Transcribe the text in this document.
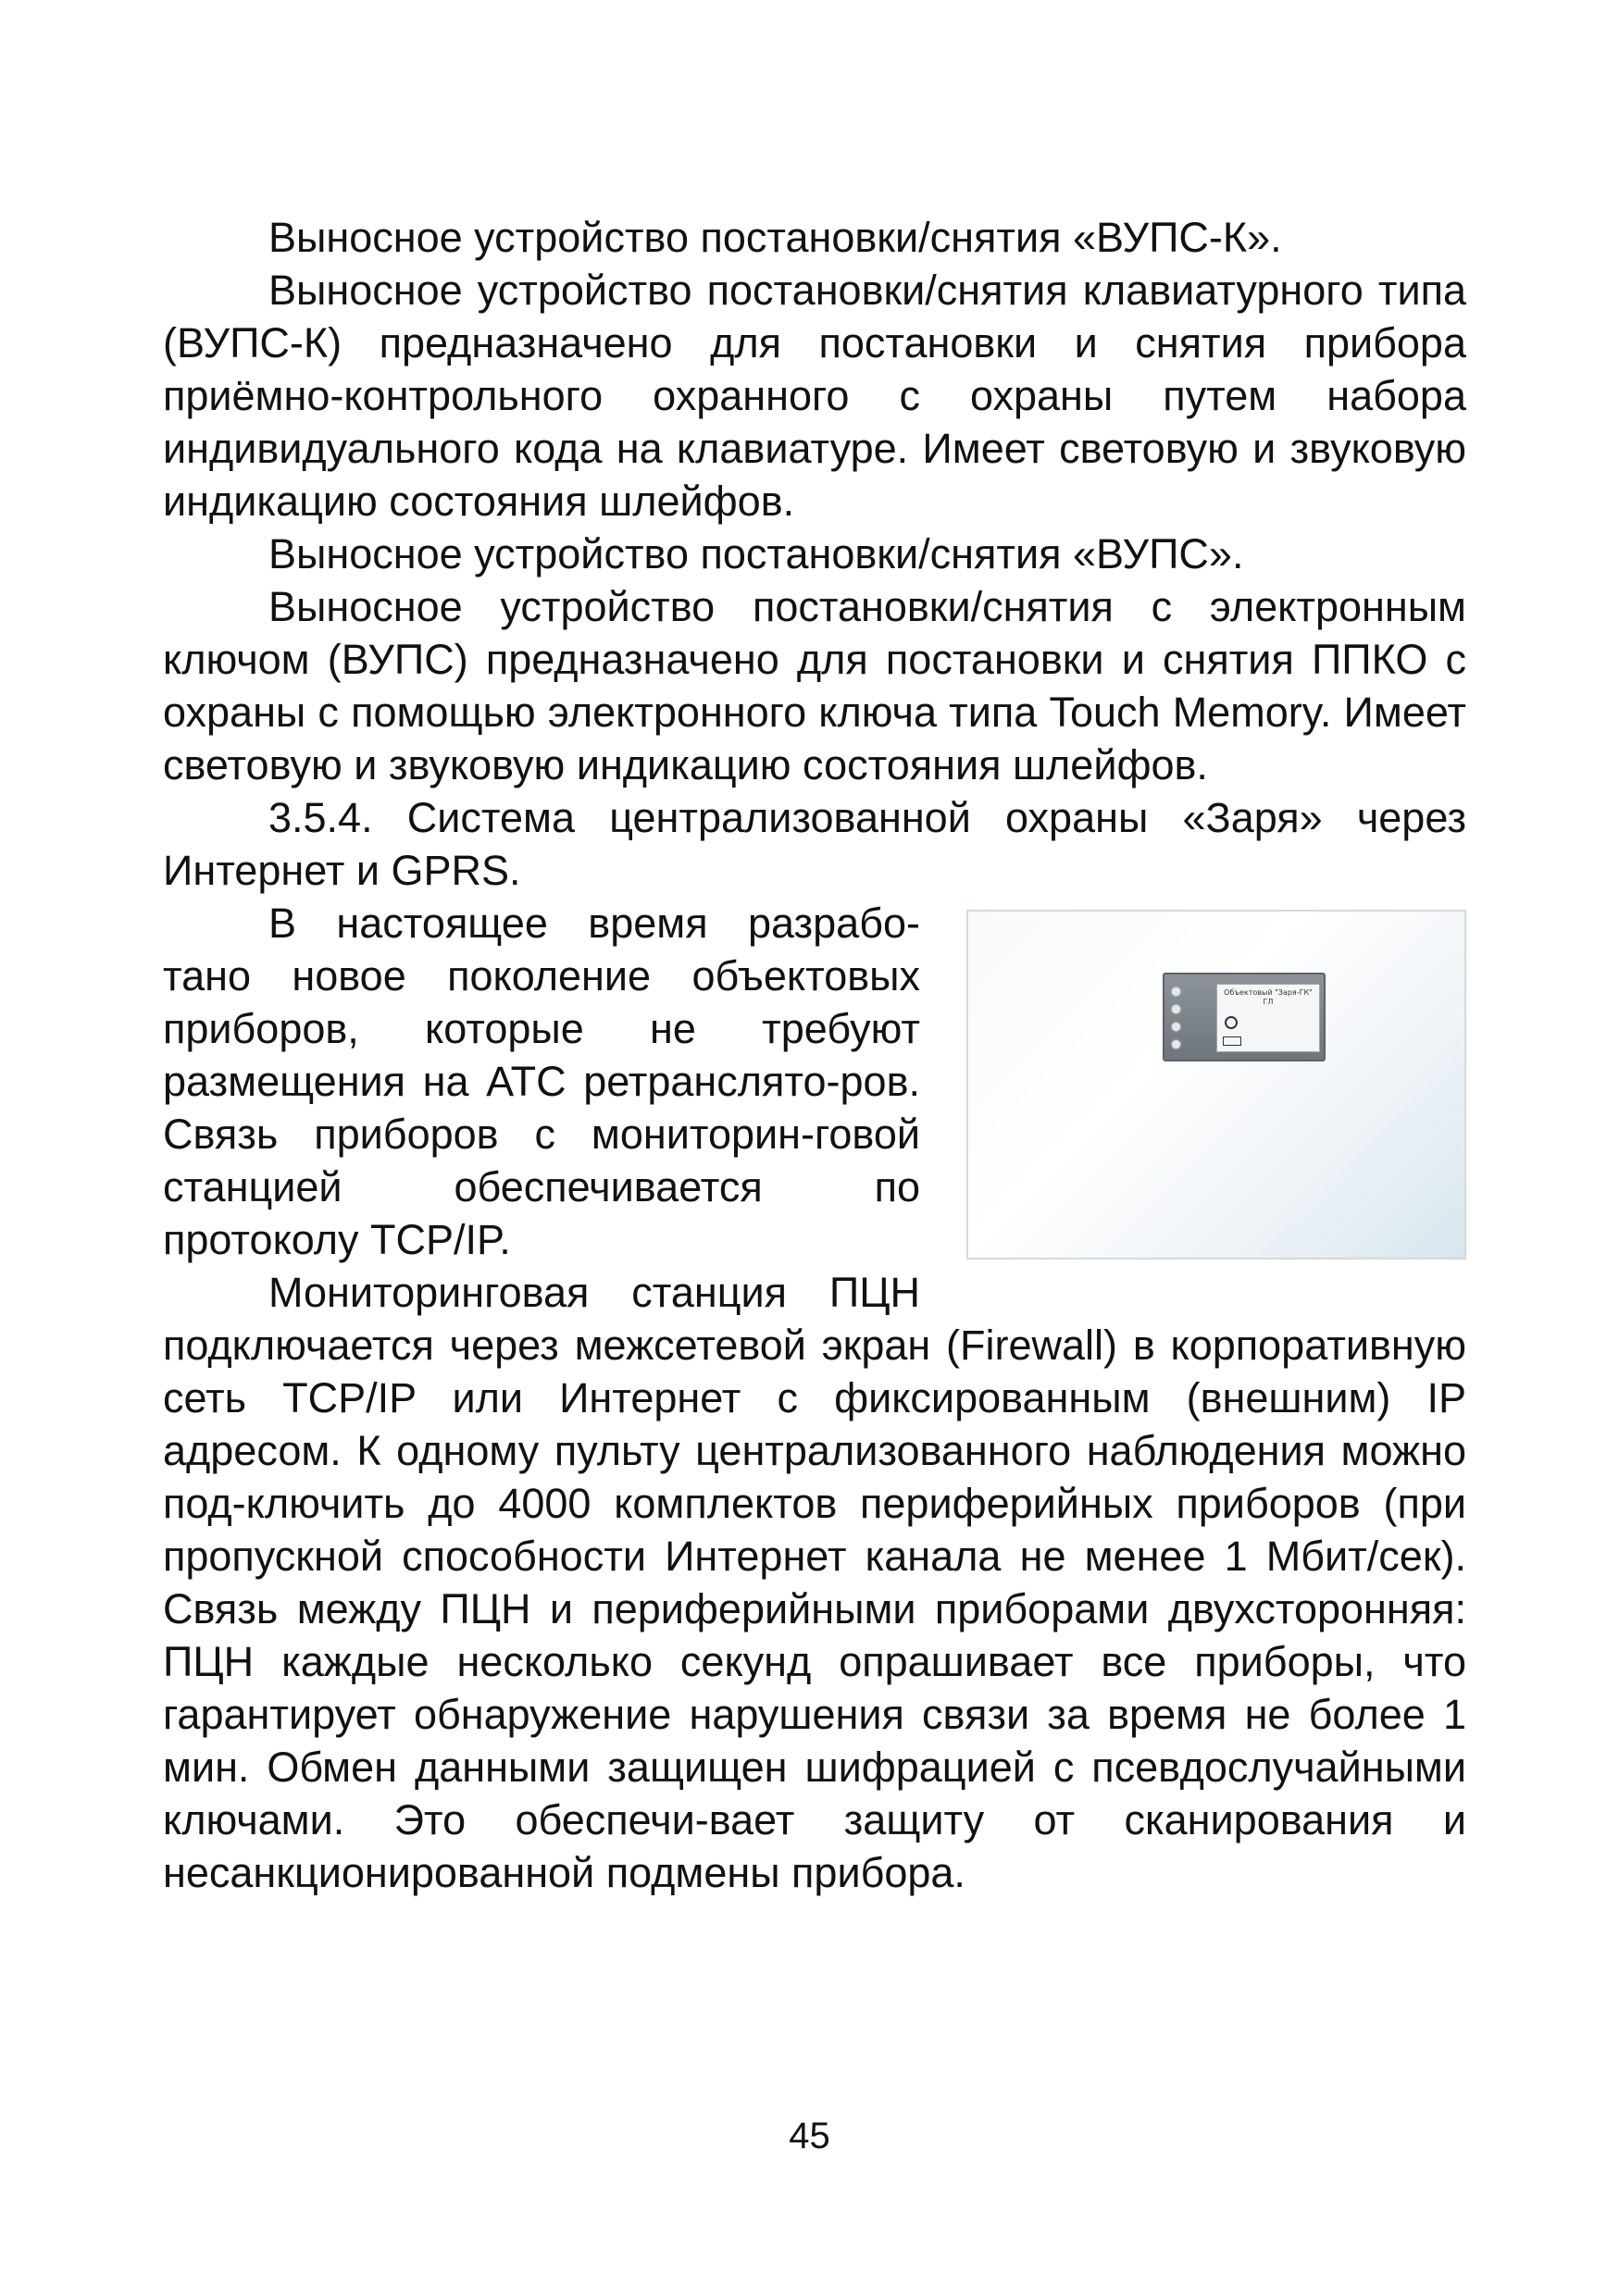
Выносное устройство постановки/снятия «ВУПС-К».

Выносное устройство постановки/снятия клавиатурного типа (ВУПС-К) предназначено для постановки и снятия прибора приёмно-контрольного охранного с охраны путем набора индивидуального кода на клавиатуре. Имеет световую и звуковую индикацию состояния шлейфов.

Выносное устройство постановки/снятия «ВУПС».

Выносное устройство постановки/снятия с электронным ключом (ВУПС) предназначено для постановки и снятия ППКО с охраны с помощью электронного ключа типа Touch Memory. Имеет световую и звуковую индикацию состояния шлейфов.

3.5.4. Система централизованной охраны «Заря» через Интернет и GPRS.

Объектовый "Заря-ГК"
ГЛ

В настоящее время разрабо-тано новое поколение объектовых приборов, которые не требуют размещения на АТС ретранслято-ров. Связь приборов с мониторин-говой станцией обеспечивается по протоколу TCP/IP.

Мониторинговая станция ПЦН подключается через межсетевой экран (Firewall) в корпоративную сеть TCP/IP или Интернет с фиксированным (внешним) IP адресом. К одному пульту централизованного наблюдения можно под-ключить до 4000 комплектов периферийных приборов (при пропускной способности Интернет канала не менее 1 Мбит/сек). Связь между ПЦН и периферийными приборами двухсторонняя: ПЦН каждые несколько секунд опрашивает все приборы, что гарантирует обнаружение нарушения связи за время не более 1 мин. Обмен данными защищен шифрацией с псевдослучайными ключами. Это обеспечи-вает защиту от сканирования и несанкционированной подмены прибора.

45
